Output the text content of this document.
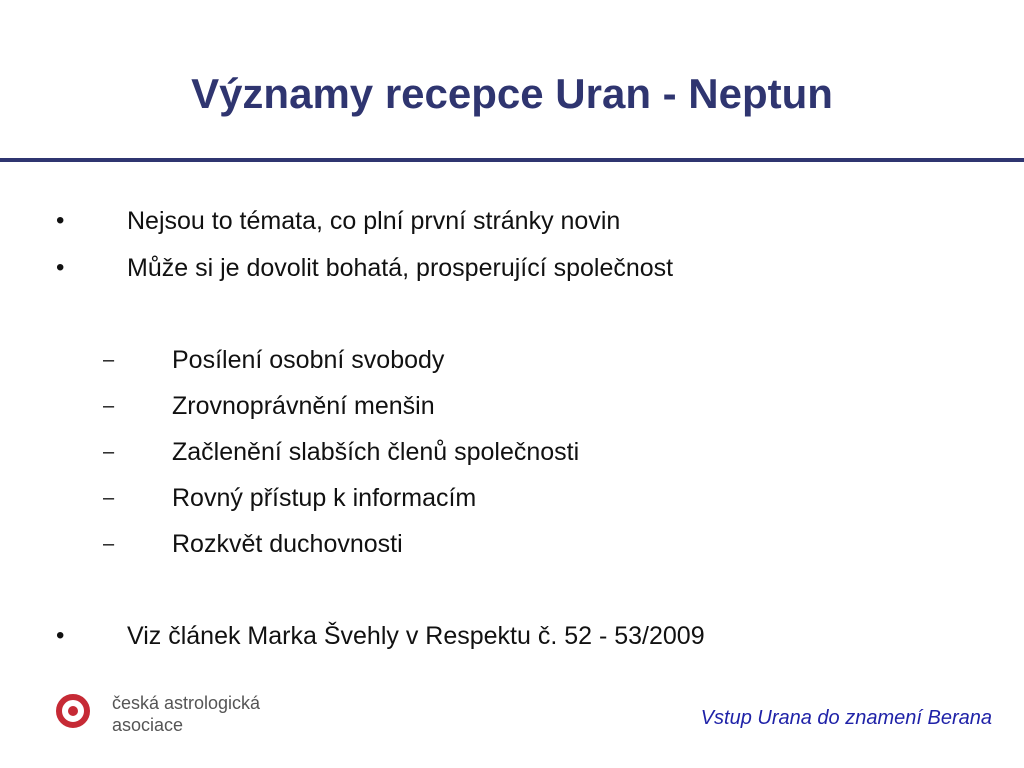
Významy recepce Uran - Neptun
•	Nejsou to témata, co plní první stránky novin
•	Může si je dovolit bohatá, prosperující společnost
– Posílení osobní svobody
– Zrovnoprávnění menšin
– Začlenění slabších členů společnosti
– Rovný přístup k informacím
– Rozkvět duchovnosti
•	Viz článek Marka Švehly v Respektu č. 52 - 53/2009
česká astrologická
asociace	Vstup Urana do znamení Berana
